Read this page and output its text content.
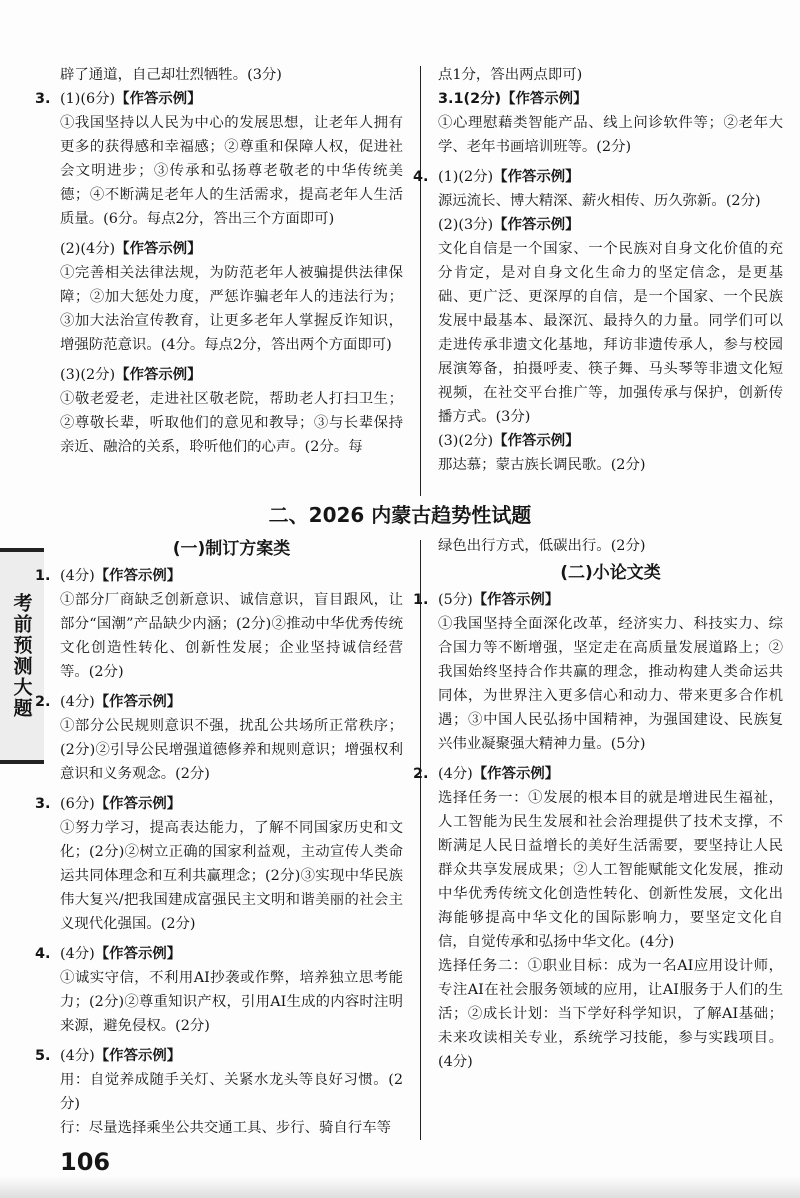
考前预测大题
辟了通道，自己却壮烈牺牲。(3分)
3. (1)(6分) 【作答示例】
①我国坚持以人民为中心的发展思想，让老年人拥有更多的获得感和幸福感；②尊重和保障人权，促进社会文明进步；③传承和弘扬尊老敬老的中华传统美德；④不断满足老年人的生活需求，提高老年人生活质量。(6分。每点2分，答出三个方面即可)
(2)(4分)【作答示例】
①完善相关法律法规，为防范老年人被骗提供法律保障；②加大惩处力度，严惩诈骗老年人的违法行为；③加大法治宣传教育，让更多老年人掌握反诈知识，增强防范意识。(4分。每点2分，答出两个方面即可)
(3)(2分)【作答示例】
①敬老爱老，走进社区敬老院，帮助老人打扫卫生；②尊敬长辈，听取他们的意见和教导；③与长辈保持亲近、融洽的关系，聆听他们的心声。(2分。每
点1分，答出两点即可)
3.1(2分)【作答示例】
①心理慰藉类智能产品、线上问诊软件等；②老年大学、老年书画培训班等。(2分)
4. (1)(2分) 【作答示例】
源远流长、博大精深、薪火相传、历久弥新。(2分)
(2)(3分)【作答示例】
文化自信是一个国家、一个民族对自身文化价值的充分肯定，是对自身文化生命力的坚定信念，是更基础、更广泛、更深厚的自信，是一个国家、一个民族发展中最基本、最深沉、最持久的力量。同学们可以走进传承非遗文化基地，拜访非遗传承人，参与校园展演筹备，拍摄呼麦、筷子舞、马头琴等非遗文化短视频，在社交平台推广等，加强传承与保护，创新传播方式。(3分)
(3)(2分)【作答示例】
那达慕；蒙古族长调民歌。(2分)
二、2026 内蒙古趋势性试题
(一)制订方案类
1. (4分) 【作答示例】
①部分厂商缺乏创新意识、诚信意识，盲目跟风，让部分“国潮”产品缺少内涵；(2分)②推动中华优秀传统文化创造性转化、创新性发展；企业坚持诚信经营等。(2分)
2. (4分) 【作答示例】
①部分公民规则意识不强，扰乱公共场所正常秩序；(2分)②引导公民增强道德修养和规则意识；增强权利意识和义务观念。(2分)
3. (6分) 【作答示例】
①努力学习，提高表达能力，了解不同国家历史和文化；(2分)②树立正确的国家利益观，主动宣传人类命运共同体理念和互利共赢理念；(2分)③实现中华民族伟大复兴/把我国建成富强民主文明和谐美丽的社会主义现代化强国。(2分)
4. (4分) 【作答示例】
①诚实守信，不利用AI抄袭或作弊，培养独立思考能力；(2分)②尊重知识产权，引用AI生成的内容时注明来源，避免侵权。(2分)
5. (4分) 【作答示例】
用：自觉养成随手关灯、关紧水龙头等良好习惯。(2分)
行：尽量选择乘坐公共交通工具、步行、骑自行车等
绿色出行方式，低碳出行。(2分)
(二)小论文类
1. (5分) 【作答示例】
①我国坚持全面深化改革，经济实力、科技实力、综合国力等不断增强，坚定走在高质量发展道路上；②我国始终坚持合作共赢的理念，推动构建人类命运共同体，为世界注入更多信心和动力、带来更多合作机遇；③中国人民弘扬中国精神，为强国建设、民族复兴伟业凝聚强大精神力量。(5分)
2. (4分) 【作答示例】
选择任务一：①发展的根本目的就是增进民生福祉，人工智能为民生发展和社会治理提供了技术支撑，不断满足人民日益增长的美好生活需要，要坚持让人民群众共享发展成果；②人工智能赋能文化发展，推动中华优秀传统文化创造性转化、创新性发展，文化出海能够提高中华文化的国际影响力，要坚定文化自信，自觉传承和弘扬中华文化。(4分)
选择任务二：①职业目标：成为一名AI应用设计师，专注AI在社会服务领域的应用，让AI服务于人们的生活；②成长计划：当下学好科学知识，了解AI基础；未来攻读相关专业，系统学习技能，参与实践项目。(4分)
106
